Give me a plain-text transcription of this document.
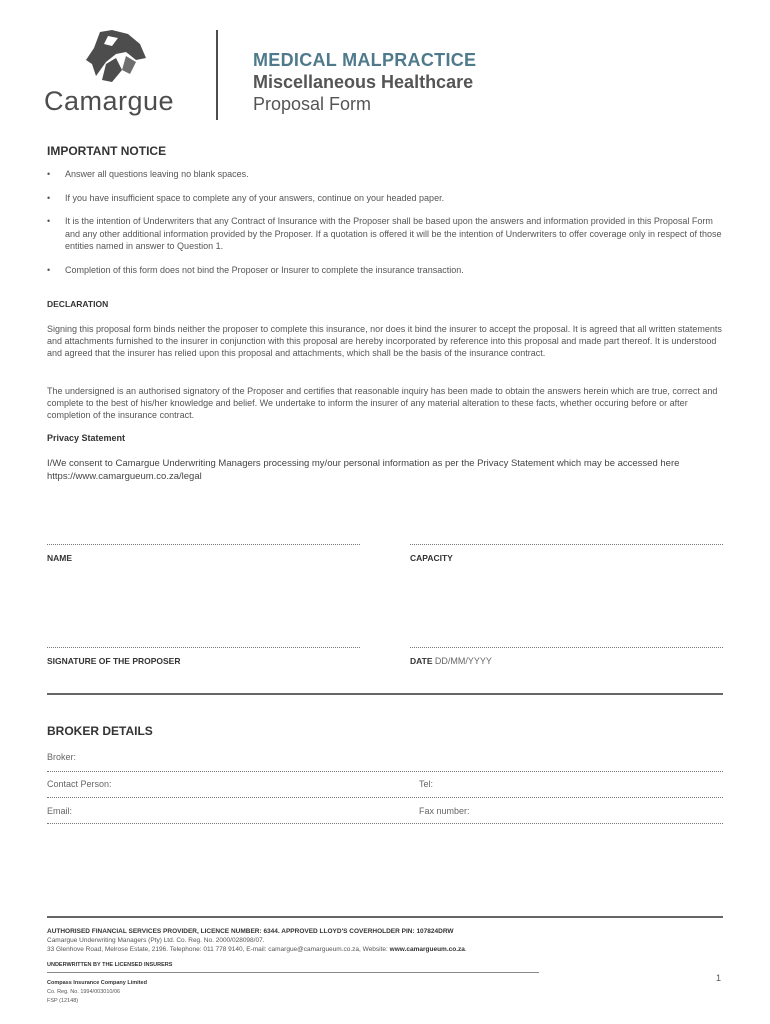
Camargue
MEDICAL MALPRACTICE
Miscellaneous Healthcare
Proposal Form
IMPORTANT NOTICE
• Answer all questions leaving no blank spaces.
• If you have insufficient space to complete any of your answers, continue on your headed paper.
• It is the intention of Underwriters that any Contract of Insurance with the Proposer shall be based upon the answers and information provided in this Proposal Form and any other additional information provided by the Proposer. If a quotation is offered it will be the intention of Underwriters to offer coverage only in respect of those entities named in answer to Question 1.
• Completion of this form does not bind the Proposer or Insurer to complete the insurance transaction.
DECLARATION

Signing this proposal form binds neither the proposer to complete this insurance, nor does it bind the insurer to accept the proposal. It is agreed that all written statements and attachments furnished to the insurer in conjunction with this proposal are hereby incorporated by reference into this proposal and made part thereof. It is understood and agreed that the insurer has relied upon this proposal and attachments, which shall be the basis of the insurance contract.

The undersigned is an authorised signatory of the Proposer and certifies that reasonable inquiry has been made to obtain the answers herein which are true, correct and complete to the best of his/her knowledge and belief. We undertake to inform the insurer of any material alteration to these facts, whether occuring before or after completion of the insurance contract.

Privacy Statement

I/We consent to Camargue Underwriting Managers processing my/our personal information as per the Privacy Statement which may be accessed here https://www.camargueum.co.za/legal

NAME	CAPACITY
SIGNATURE OF THE PROPOSER	DATE DD/MM/YYYY
BROKER DETAILS
Broker:
Contact Person:	Tel:
Email:	Fax number:
AUTHORISED FINANCIAL SERVICES PROVIDER, LICENCE NUMBER: 6344. APPROVED LLOYD'S COVERHOLDER PIN: 107824DRW
Camargue Underwriting Managers (Pty) Ltd. Co. Reg. No. 2000/028098/07.
33 Glenhove Road, Melrose Estate, 2196. Telephone: 011 778 9140, E-mail: camargue@camargueum.co.za, Website: www.camargueum.co.za.
UNDERWRITTEN BY THE LICENSED INSURERS
Compass Insurance Company Limited
Co. Reg. No. 1994/003010/06
FSP (12148)
1
